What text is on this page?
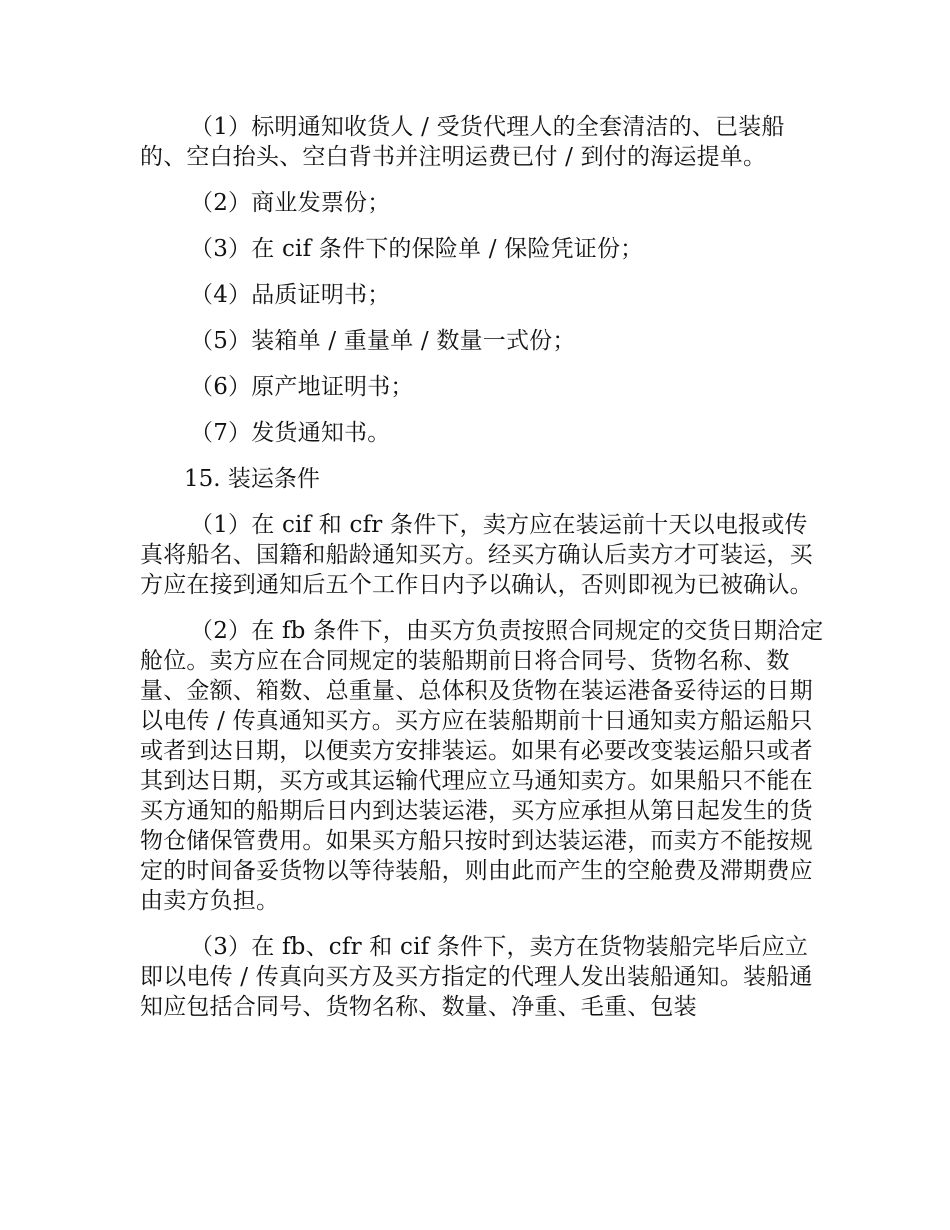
（1）标明通知收货人 / 受货代理人的全套清洁的、已装船的、空白抬头、空白背书并注明运费已付 / 到付的海运提单。

（2）商业发票份；

（3）在 cif 条件下的保险单 / 保险凭证份；

（4）品质证明书；

（5）装箱单 / 重量单 / 数量一式份；

（6）原产地证明书；

（7）发货通知书。

15. 装运条件

（1）在 cif 和 cfr 条件下，卖方应在装运前十天以电报或传真将船名、国籍和船龄通知买方。经买方确认后卖方才可装运，买方应在接到通知后五个工作日内予以确认，否则即视为已被确认。

（2）在 fb 条件下，由买方负责按照合同规定的交货日期洽定舱位。卖方应在合同规定的装船期前日将合同号、货物名称、数量、金额、箱数、总重量、总体积及货物在装运港备妥待运的日期以电传 / 传真通知买方。买方应在装船期前十日通知卖方船运船只或者到达日期，以便卖方安排装运。如果有必要改变装运船只或者其到达日期，买方或其运输代理应立马通知卖方。如果船只不能在买方通知的船期后日内到达装运港，买方应承担从第日起发生的货物仓储保管费用。如果买方船只按时到达装运港，而卖方不能按规定的时间备妥货物以等待装船，则由此而产生的空舱费及滞期费应由卖方负担。

（3）在 fb、cfr 和 cif 条件下，卖方在货物装船完毕后应立即以电传 / 传真向买方及买方指定的代理人发出装船通知。装船通知应包括合同号、货物名称、数量、净重、毛重、包装
